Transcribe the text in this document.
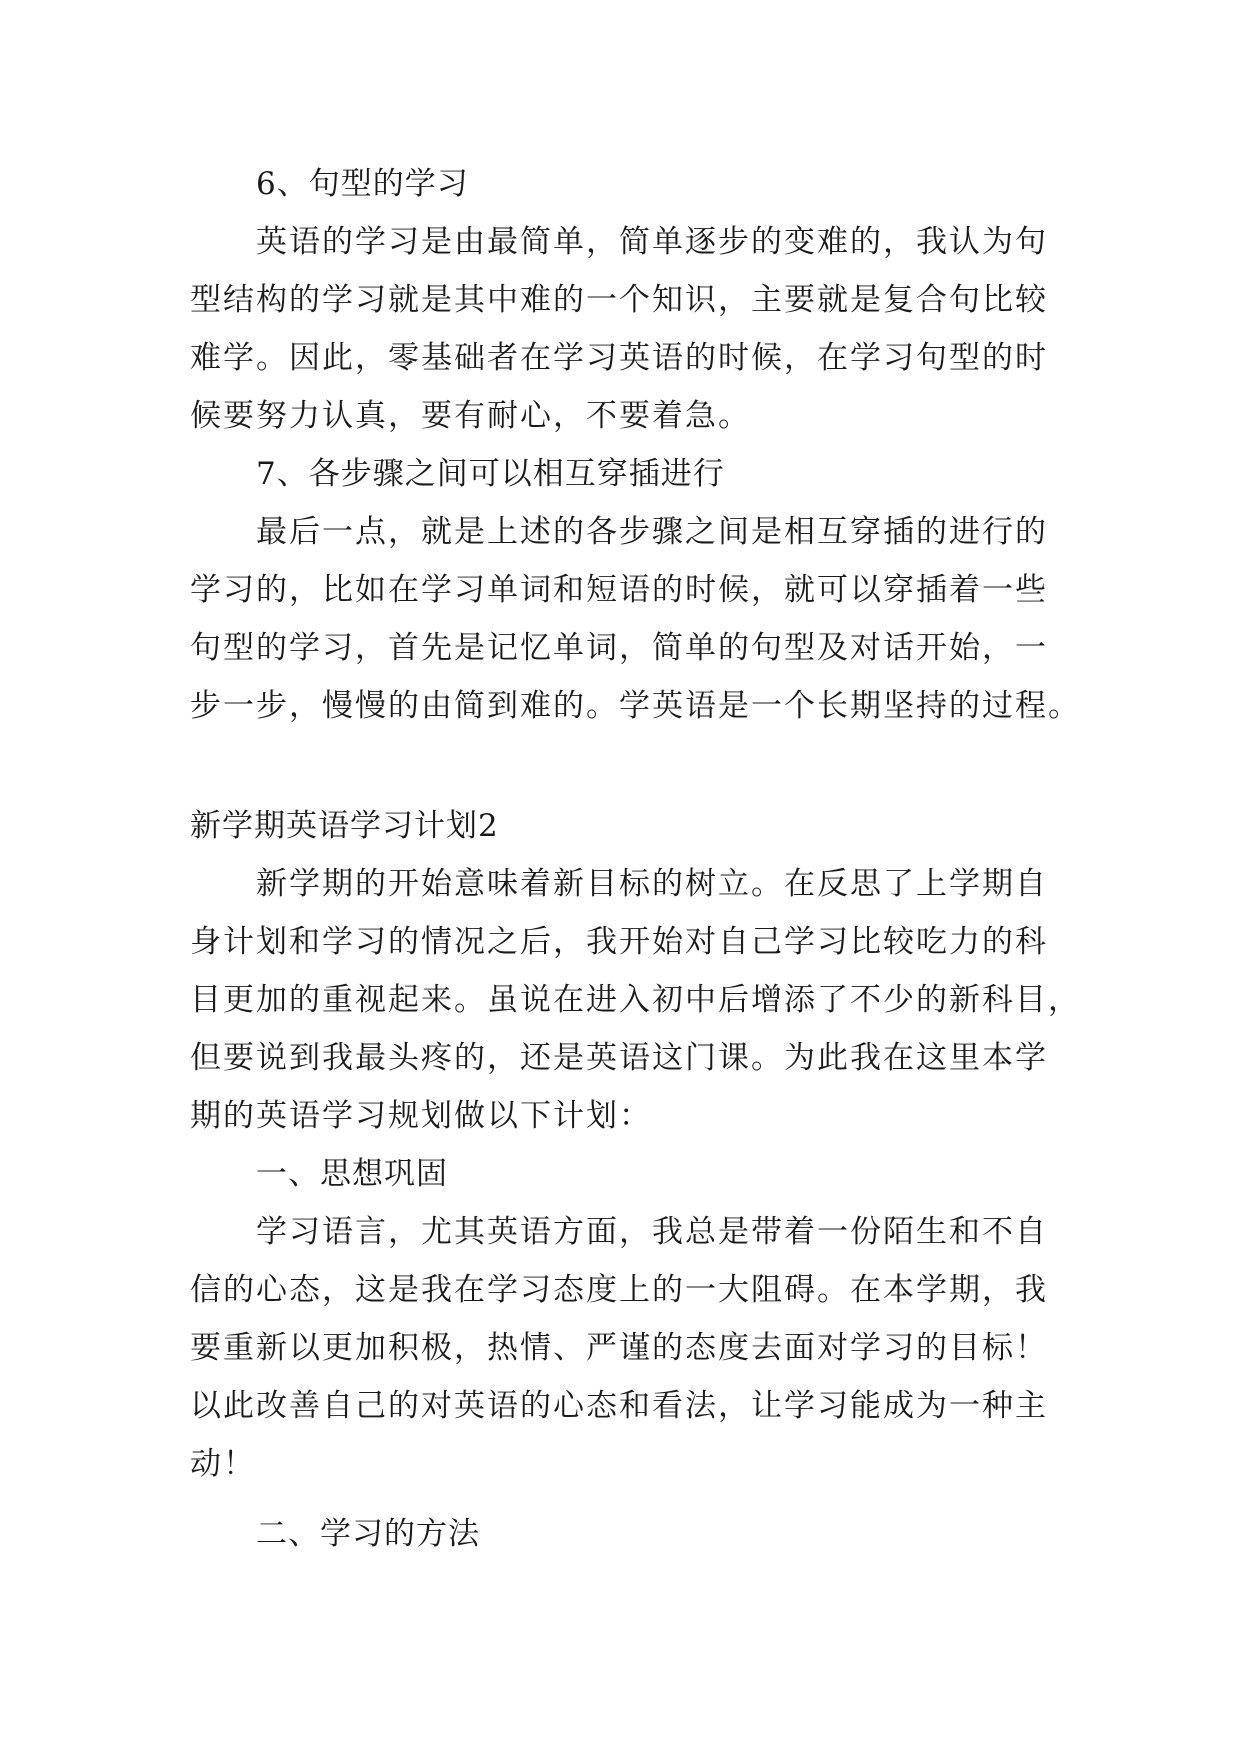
6、句型的学习
英语的学习是由最简单，简单逐步的变难的，我认为句
型结构的学习就是其中难的一个知识，主要就是复合句比较
难学。因此，零基础者在学习英语的时候，在学习句型的时
候要努力认真，要有耐心，不要着急。
7、各步骤之间可以相互穿插进行
最后一点，就是上述的各步骤之间是相互穿插的进行的
学习的，比如在学习单词和短语的时候，就可以穿插着一些
句型的学习，首先是记忆单词，简单的句型及对话开始，一
步一步，慢慢的由简到难的。学英语是一个长期坚持的过程。
新学期英语学习计划2
新学期的开始意味着新目标的树立。在反思了上学期自
身计划和学习的情况之后，我开始对自己学习比较吃力的科
目更加的重视起来。虽说在进入初中后增添了不少的新科目，
但要说到我最头疼的，还是英语这门课。为此我在这里本学
期的英语学习规划做以下计划：
一、思想巩固
学习语言，尤其英语方面，我总是带着一份陌生和不自
信的心态，这是我在学习态度上的一大阻碍。在本学期，我
要重新以更加积极，热情、严谨的态度去面对学习的目标！
以此改善自己的对英语的心态和看法，让学习能成为一种主
动！
二、学习的方法
